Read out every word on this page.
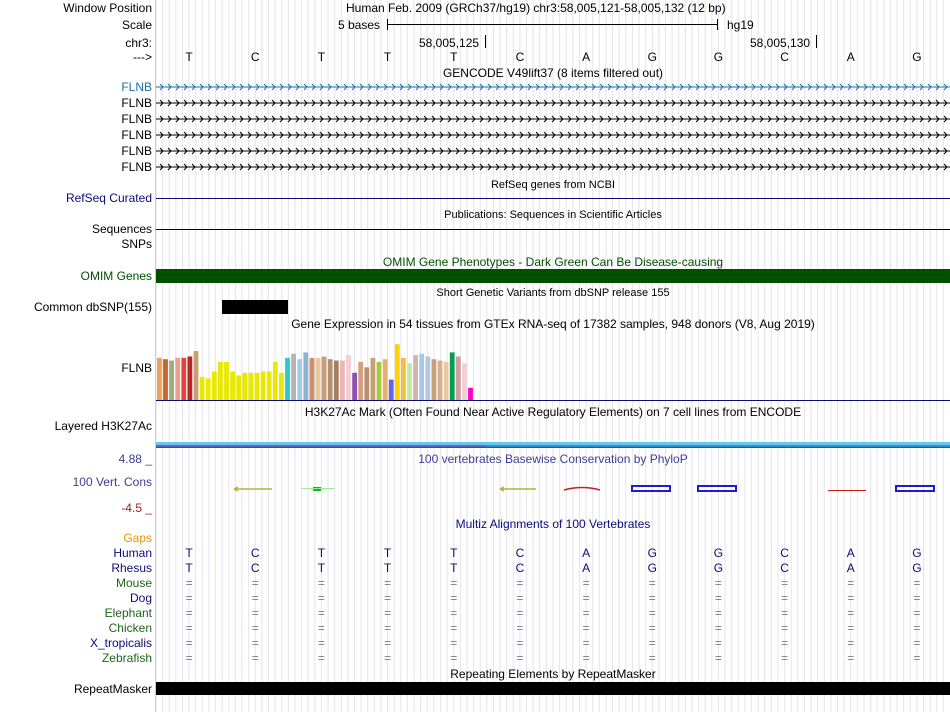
Window Position	Human Feb. 2009 (GRCh37/hg19) chr3:58,005,121-58,005,132 (12 bp)
Scale	5 bases	hg19
chr3:	58,005,125	58,005,130
--->
GENCODE V49lift37 (8 items filtered out)
RefSeq genes from NCBI
RefSeq Curated
Publications: Sequences in Scientific Articles
Sequences
SNPs
OMIM Gene Phenotypes - Dark Green Can Be Disease-causing
OMIM Genes
Short Genetic Variants from dbSNP release 155
Common dbSNP(155)
Gene Expression in 54 tissues from GTEx RNA-seq of 17382 samples, 948 donors (V8, Aug 2019)
FLNB
H3K27Ac Mark (Often Found Near Active Regulatory Elements) on 7 cell lines from ENCODE
Layered H3K27Ac
4.88 _	100 vertebrates Basewise Conservation by PhyloP
100 Vert. Cons
-4.5 _
Multiz Alignments of 100 Vertebrates
Gaps
Repeating Elements by RepeatMasker
RepeatMasker
T	C	T	T	T	C	A	G	G	C	A	G
FLNB
FLNB
FLNB
FLNB
FLNB
FLNB
Human	T	C	T	T	T	C	A	G	G	C	A	G
Rhesus	T	C	T	T	T	C	A	G	G	C	A	G
Mouse	=	=	=	=	=	=	=	=	=	=	=	=
Dog	=	=	=	=	=	=	=	=	=	=	=	=
Elephant	=	=	=	=	=	=	=	=	=	=	=	=
Chicken	=	=	=	=	=	=	=	=	=	=	=	=
X_tropicalis	=	=	=	=	=	=	=	=	=	=	=	=
Zebrafish	=	=	=	=	=	=	=	=	=	=	=	=
